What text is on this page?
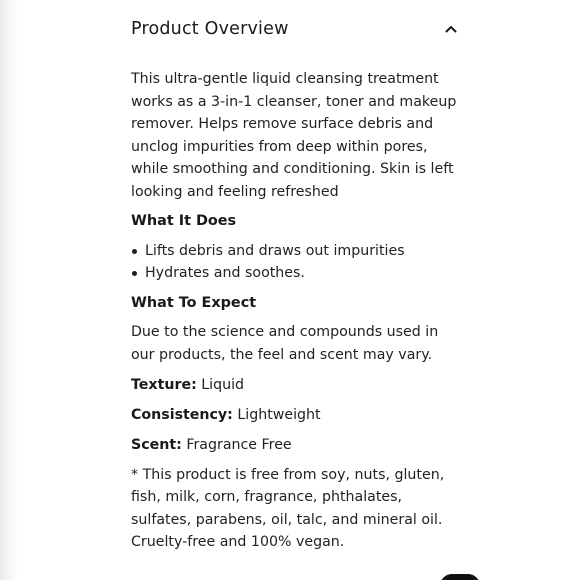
Product Overview

This ultra-gentle liquid cleansing treatment works as a 3-in-1 cleanser, toner and makeup remover. Helps remove surface debris and unclog impurities from deep within pores, while smoothing and conditioning. Skin is left looking and feeling refreshed

What It Does

Lifts debris and draws out impurities
Hydrates and soothes.

What To Expect

Due to the science and compounds used in our products, the feel and scent may vary.

Texture: Liquid

Consistency: Lightweight

Scent: Fragrance Free

* This product is free from soy, nuts, gluten, fish, milk, corn, fragrance, phthalates, sulfates, parabens, oil, talc, and mineral oil. Cruelty-free and 100% vegan.
